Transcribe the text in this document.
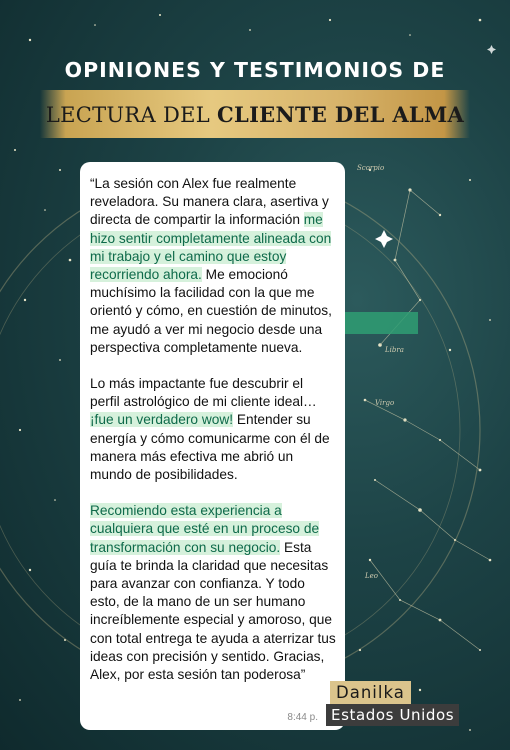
Scorpio
Libra
Virgo
Leo
OPINIONES Y TESTIMONIOS DE
LECTURA DEL CLIENTE DEL ALMA

“La sesión con Alex fue realmente reveladora. Su manera clara, asertiva y directa de compartir la información me hizo sentir completamente alineada con mi trabajo y el camino que estoy recorriendo ahora. Me emocionó muchísimo la facilidad con la que me orientó y cómo, en cuestión de minutos, me ayudó a ver mi negocio desde una perspectiva completamente nueva.

Lo más impactante fue descubrir el perfil astrológico de mi cliente ideal… ¡fue un verdadero wow! Entender su energía y cómo comunicarme con él de manera más efectiva me abrió un mundo de posibilidades.

Recomiendo esta experiencia a cualquiera que esté en un proceso de transformación con su negocio. Esta guía te brinda la claridad que necesitas para avanzar con confianza. Y todo esto, de la mano de un ser humano increíblemente especial y amoroso, que con total entrega te ayuda a aterrizar tus ideas con precisión y sentido. Gracias, Alex, por esta sesión tan poderosa”

8:44 p.
Danilka
Estados Unidos
